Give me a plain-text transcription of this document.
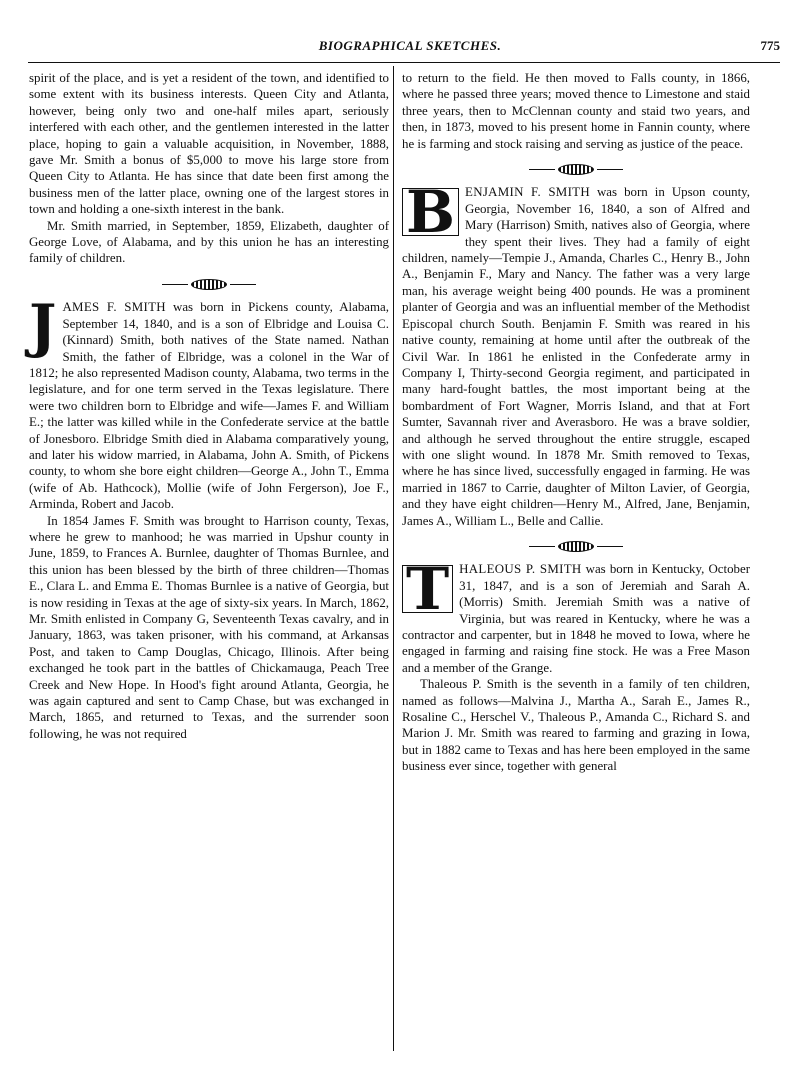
BIOGRAPHICAL SKETCHES.	775

spirit of the place, and is yet a resident of the town, and identified to some extent with its business interests. Queen City and Atlanta, however, being only two and one-half miles apart, seriously interfered with each other, and the gentlemen interested in the latter place, hoping to gain a valuable acquisition, in November, 1888, gave Mr. Smith a bonus of $5,000 to move his large store from Queen City to Atlanta. He has since that date been first among the business men of the latter place, owning one of the largest stores in town and holding a one-sixth interest in the bank.

Mr. Smith married, in September, 1859, Elizabeth, daughter of George Love, of Alabama, and by this union he has an interesting family of children.

JAMES F. SMITH was born in Pickens county, Alabama, September 14, 1840, and is a son of Elbridge and Louisa C. (Kinnard) Smith, both natives of the State named. Nathan Smith, the father of Elbridge, was a colonel in the War of 1812; he also represented Madison county, Alabama, two terms in the legislature, and for one term served in the Texas legislature. There were two children born to Elbridge and wife—James F. and William E.; the latter was killed while in the Confederate service at the battle of Jonesboro. Elbridge Smith died in Alabama comparatively young, and later his widow married, in Alabama, John A. Smith, of Pickens county, to whom she bore eight children—George A., John T., Emma (wife of Ab. Hathcock), Mollie (wife of John Fergerson), Joe F., Arminda, Robert and Jacob.

In 1854 James F. Smith was brought to Harrison county, Texas, where he grew to manhood; he was married in Upshur county in June, 1859, to Frances A. Burnlee, daughter of Thomas Burnlee, and this union has been blessed by the birth of three children—Thomas E., Clara L. and Emma E. Thomas Burnlee is a native of Georgia, but is now residing in Texas at the age of sixty-six years. In March, 1862, Mr. Smith enlisted in Company G, Seventeenth Texas cavalry, and in January, 1863, was taken prisoner, with his command, at Arkansas Post, and taken to Camp Douglas, Chicago, Illinois. After being exchanged he took part in the battles of Chickamauga, Peach Tree Creek and New Hope. In Hood's fight around Atlanta, Georgia, he was again captured and sent to Camp Chase, but was exchanged in March, 1865, and returned to Texas, and the surrender soon following, he was not required

to return to the field. He then moved to Falls county, in 1866, where he passed three years; moved thence to Limestone and staid three years, then to McClennan county and staid two years, and then, in 1873, moved to his present home in Fannin county, where he is farming and stock raising and serving as justice of the peace.

B ENJAMIN F. SMITH was born in Upson county, Georgia, November 16, 1840, a son of Alfred and Mary (Harrison) Smith, natives also of Georgia, where they spent their lives. They had a family of eight children, namely—Tempie J., Amanda, Charles C., Henry B., John A., Benjamin F., Mary and Nancy. The father was a very large man, his average weight being 400 pounds. He was a prominent planter of Georgia and was an influential member of the Methodist Episcopal church South. Benjamin F. Smith was reared in his native county, remaining at home until after the outbreak of the Civil War. In 1861 he enlisted in the Confederate army in Company I, Thirty-second Georgia regiment, and participated in many hard-fought battles, the most important being at the bombardment of Fort Wagner, Morris Island, and that at Fort Sumter, Savannah river and Averasboro. He was a brave soldier, and although he served throughout the entire struggle, escaped with one slight wound. In 1878 Mr. Smith removed to Texas, where he has since lived, successfully engaged in farming. He was married in 1867 to Carrie, daughter of Milton Lavier, of Georgia, and they have eight children—Henry M., Alfred, Jane, Benjamin, James A., William L., Belle and Callie.

T HALEOUS P. SMITH was born in Kentucky, October 31, 1847, and is a son of Jeremiah and Sarah A. (Morris) Smith. Jeremiah Smith was a native of Virginia, but was reared in Kentucky, where he was a contractor and carpenter, but in 1848 he moved to Iowa, where he engaged in farming and raising fine stock. He was a Free Mason and a member of the Grange.

Thaleous P. Smith is the seventh in a family of ten children, named as follows—Malvina J., Martha A., Sarah E., James R., Rosaline C., Herschel V., Thaleous P., Amanda C., Richard S. and Marion J. Mr. Smith was reared to farming and grazing in Iowa, but in 1882 came to Texas and has here been employed in the same business ever since, together with general
